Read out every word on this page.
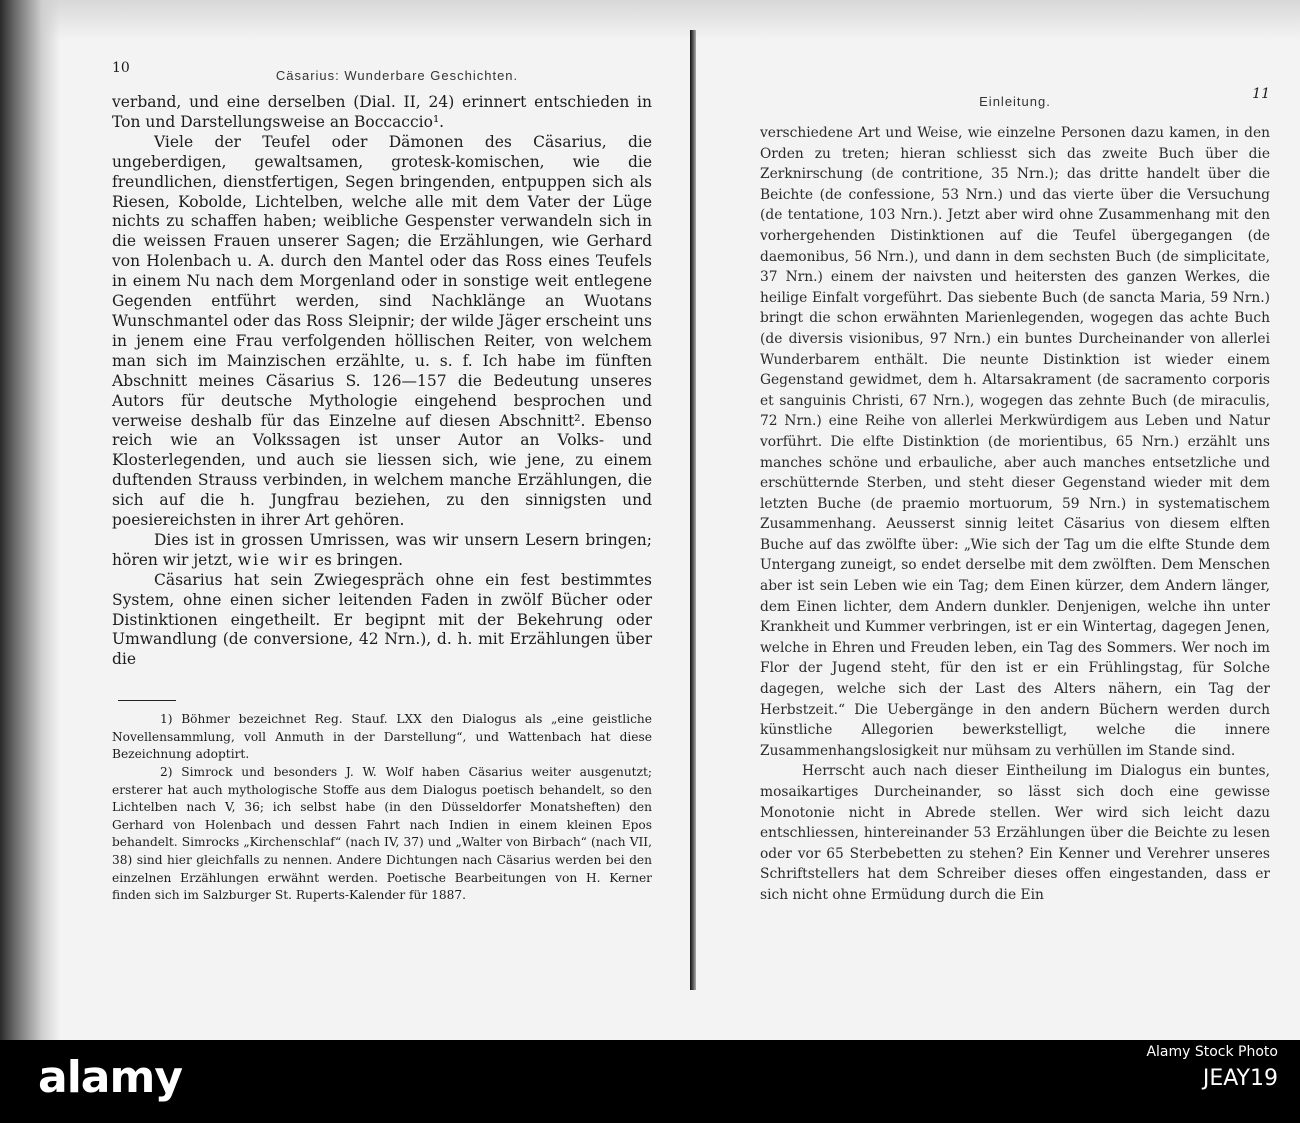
10	Cäsarius: Wunderbare Geschichten.

verband, und eine derselben (Dial. II, 24) erinnert entschieden in Ton und Darstellungsweise an Boccaccio¹.

Viele der Teufel oder Dämonen des Cäsarius, die ungeberdigen, gewaltsamen, grotesk-komischen, wie die freundlichen, dienstfertigen, Segen bringenden, entpuppen sich als Riesen, Kobolde, Lichtelben, welche alle mit dem Vater der Lüge nichts zu schaffen haben; weibliche Gespenster verwandeln sich in die weissen Frauen unserer Sagen; die Erzählungen, wie Gerhard von Holenbach u. A. durch den Mantel oder das Ross eines Teufels in einem Nu nach dem Morgenland oder in sonstige weit entlegene Gegenden entführt werden, sind Nachklänge an Wuotans Wunschmantel oder das Ross Sleipnir; der wilde Jäger erscheint uns in jenem eine Frau verfolgenden höllischen Reiter, von welchem man sich im Mainzischen erzählte, u. s. f. Ich habe im fünften Abschnitt meines Cäsarius S. 126—157 die Bedeutung unseres Autors für deutsche Mythologie eingehend besprochen und verweise deshalb für das Einzelne auf diesen Abschnitt². Ebenso reich wie an Volkssagen ist unser Autor an Volks- und Klosterlegenden, und auch sie liessen sich, wie jene, zu einem duftenden Strauss verbinden, in welchem manche Erzählungen, die sich auf die h. Jungfrau beziehen, zu den sinnigsten und poesiereichsten in ihrer Art gehören.

Dies ist in grossen Umrissen, was wir unsern Lesern bringen; hören wir jetzt, wie wir es bringen.

Cäsarius hat sein Zwiegespräch ohne ein fest bestimmtes System, ohne einen sicher leitenden Faden in zwölf Bücher oder Distinktionen eingetheilt. Er begipnt mit der Bekehrung oder Umwandlung (de conversione, 42 Nrn.), d. h. mit Erzählungen über die

1) Böhmer bezeichnet Reg. Stauf. LXX den Dialogus als „eine geistliche Novellensammlung, voll Anmuth in der Darstellung“, und Wattenbach hat diese Bezeichnung adoptirt.

2) Simrock und besonders J. W. Wolf haben Cäsarius weiter ausgenutzt; ersterer hat auch mythologische Stoffe aus dem Dialogus poetisch behandelt, so den Lichtelben nach V, 36; ich selbst habe (in den Düsseldorfer Monatsheften) den Gerhard von Holenbach und dessen Fahrt nach Indien in einem kleinen Epos behandelt. Simrocks „Kirchenschlaf“ (nach IV, 37) und „Walter von Birbach“ (nach VII, 38) sind hier gleichfalls zu nennen. Andere Dichtungen nach Cäsarius werden bei den einzelnen Erzählungen erwähnt werden. Poetische Bearbeitungen von H. Kerner finden sich im Salzburger St. Ruperts-Kalender für 1887.

11
Einleitung.

verschiedene Art und Weise, wie einzelne Personen dazu kamen, in den Orden zu treten; hieran schliesst sich das zweite Buch über die Zerknirschung (de contritione, 35 Nrn.); das dritte handelt über die Beichte (de confessione, 53 Nrn.) und das vierte über die Versuchung (de tentatione, 103 Nrn.). Jetzt aber wird ohne Zusammenhang mit den vorhergehenden Distinktionen auf die Teufel übergegangen (de daemonibus, 56 Nrn.), und dann in dem sechsten Buch (de simplicitate, 37 Nrn.) einem der naivsten und heitersten des ganzen Werkes, die heilige Einfalt vorgeführt. Das siebente Buch (de sancta Maria, 59 Nrn.) bringt die schon erwähnten Marienlegenden, wogegen das achte Buch (de diversis visionibus, 97 Nrn.) ein buntes Durcheinander von allerlei Wunderbarem enthält. Die neunte Distinktion ist wieder einem Gegenstand gewidmet, dem h. Altarsakrament (de sacramento corporis et sanguinis Christi, 67 Nrn.), wogegen das zehnte Buch (de miraculis, 72 Nrn.) eine Reihe von allerlei Merkwürdigem aus Leben und Natur vorführt. Die elfte Distinktion (de morientibus, 65 Nrn.) erzählt uns manches schöne und erbauliche, aber auch manches entsetzliche und erschütternde Sterben, und steht dieser Gegenstand wieder mit dem letzten Buche (de praemio mortuorum, 59 Nrn.) in systematischem Zusammenhang. Aeusserst sinnig leitet Cäsarius von diesem elften Buche auf das zwölfte über: „Wie sich der Tag um die elfte Stunde dem Untergang zuneigt, so endet derselbe mit dem zwölften. Dem Menschen aber ist sein Leben wie ein Tag; dem Einen kürzer, dem Andern länger, dem Einen lichter, dem Andern dunkler. Denjenigen, welche ihn unter Krankheit und Kummer verbringen, ist er ein Wintertag, dagegen Jenen, welche in Ehren und Freuden leben, ein Tag des Sommers. Wer noch im Flor der Jugend steht, für den ist er ein Frühlingstag, für Solche dagegen, welche sich der Last des Alters nähern, ein Tag der Herbstzeit.“ Die Uebergänge in den andern Büchern werden durch künstliche Allegorien bewerkstelligt, welche die innere Zusammenhangslosigkeit nur mühsam zu verhüllen im Stande sind.

Herrscht auch nach dieser Eintheilung im Dialogus ein buntes, mosaikartiges Durcheinander, so lässt sich doch eine gewisse Monotonie nicht in Abrede stellen. Wer wird sich leicht dazu entschliessen, hintereinander 53 Erzählungen über die Beichte zu lesen oder vor 65 Sterbebetten zu stehen? Ein Kenner und Verehrer unseres Schriftstellers hat dem Schreiber dieses offen eingestanden, dass er sich nicht ohne Ermüdung durch die Ein

alamy	Alamy Stock Photo
JEAY19
